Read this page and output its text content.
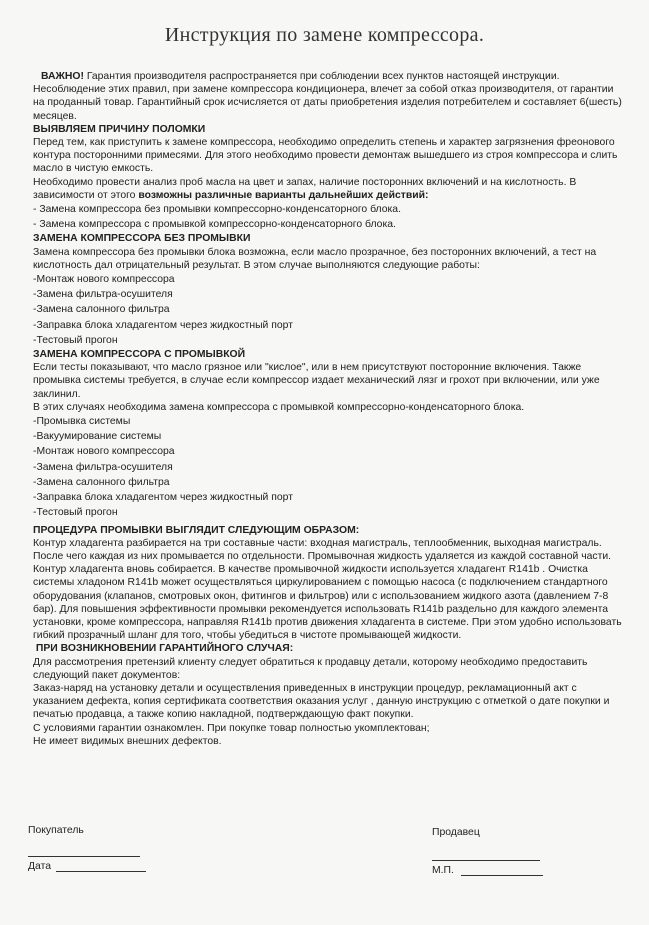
Инструкция по замене компрессора.

ВАЖНО! Гарантия производителя распространяется при соблюдении всех пунктов настоящей инструкции. Несоблюдение этих правил, при замене компрессора кондиционера, влечет за собой отказ производителя, от гарантии на проданный товар. Гарантийный срок исчисляется от даты приобретения изделия потребителем и составляет 6(шесть) месяцев.

ВЫЯВЛЯЕМ ПРИЧИНУ ПОЛОМКИ

Перед тем, как приступить к замене компрессора, необходимо определить степень и характер загрязнения фреонового контура посторонними примесями. Для этого необходимо провести демонтаж вышедшего из строя компрессора и слить масло в чистую емкость.

Необходимо провести анализ проб масла на цвет и запах, наличие посторонних включений и на кислотность. В зависимости от этого возможны различные варианты дальнейших действий:

- Замена компрессора без промывки компрессорно-конденсаторного блока.

- Замена компрессора с промывкой компрессорно-конденсаторного блока.

ЗАМЕНА КОМПРЕССОРА БЕЗ ПРОМЫВКИ

Замена компрессора без промывки блока возможна, если масло прозрачное, без посторонних включений, а тест на кислотность дал отрицательный результат. В этом случае выполняются следующие работы:

-Монтаж нового компрессора

-Замена фильтра-осушителя

-Замена салонного фильтра

-Заправка блока хладагентом через жидкостный порт

-Тестовый прогон

ЗАМЕНА КОМПРЕССОРА С ПРОМЫВКОЙ

Если тесты показывают, что масло грязное или "кислое", или в нем присутствуют посторонние включения. Также промывка системы требуется, в случае если компрессор издает механический лязг и грохот при включении, или уже заклинил.

В этих случаях необходима замена компрессора с промывкой компрессорно-конденсаторного блока.

-Промывка системы

-Вакуумирование системы

-Монтаж нового компрессора

-Замена фильтра-осушителя

-Замена салонного фильтра

-Заправка блока хладагентом через жидкостный порт

-Тестовый прогон

ПРОЦЕДУРА ПРОМЫВКИ ВЫГЛЯДИТ СЛЕДУЮЩИМ ОБРАЗОМ:

Контур хладагента разбирается на три составные части: входная магистраль, теплообменник, выходная магистраль. После чего каждая из них промывается по отдельности. Промывочная жидкость удаляется из каждой составной части. Контур хладагента вновь собирается. В качестве промывочной жидкости используется хладагент R141b . Очистка системы хладоном R141b может осуществляться циркулированием с помощью насоса (с подключением стандартного оборудования (клапанов, смотровых окон, фитингов и фильтров) или с использованием жидкого азота (давлением 7-8 бар). Для повышения эффективности промывки рекомендуется использовать R141b раздельно для каждого элемента установки, кроме компрессора, направляя R141b против движения хладагента в системе. При этом удобно использовать гибкий прозрачный шланг для того, чтобы убедиться в чистоте промывающей жидкости.

ПРИ ВОЗНИКНОВЕНИИ ГАРАНТИЙНОГО СЛУЧАЯ:

Для рассмотрения претензий клиенту следует обратиться к продавцу детали, которому необходимо предоставить следующий пакет документов:

Заказ-наряд на установку детали и осуществления приведенных в инструкции процедур, рекламационный акт с указанием дефекта, копия сертификата соответствия оказания услуг , данную инструкцию с отметкой о дате покупки и печатью продавца, а также копию накладной, подтверждающую факт покупки.

С условиями гарантии ознакомлен. При покупке товар полностью укомплектован;

Не имеет видимых внешних дефектов.

Покупатель
Дата
Продавец
М.П.
